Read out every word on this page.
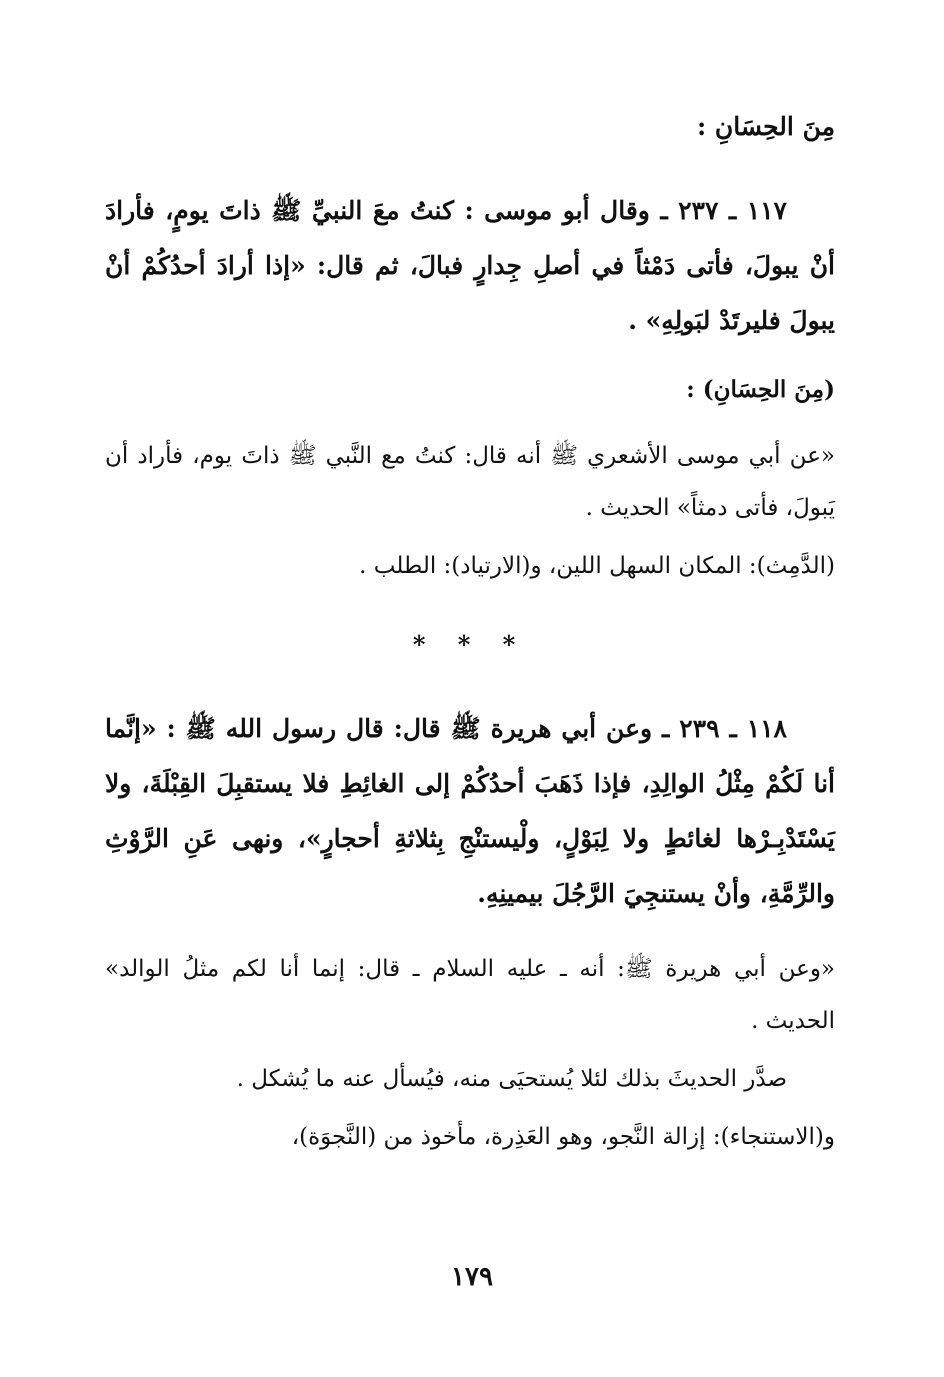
مِنَ الحِسَانِ :
١١٧ ـ ٢٣٧ ـ وقال أبو موسى : كنتُ معَ النبيِّ ﷺ ذاتَ يومٍ، فأرادَ أنْ يبولَ، فأتى دَمْثاً في أصلِ جِدارٍ فبالَ، ثم قال: «إذا أرادَ أحدُكُمْ أنْ يبولَ فليرتَدْ لبَولِهِ» .
(مِنَ الحِسَانِ) :
«عن أبي موسى الأشعري ﷺ أنه قال: كنتُ مع النَّبي ﷺ ذاتَ يوم، فأراد أن يَبولَ، فأتى دمثاً» الحديث .
(الدَّمِث): المكان السهل اللين، و(الارتياد): الطلب .
* * *
١١٨ ـ ٢٣٩ ـ وعن أبي هريرة ﷺ قال: قال رسول الله ﷺ : «إنَّما أنا لَكُمْ مِثْلُ الوالِدِ، فإذا ذَهَبَ أحدُكُمْ إلى الغائِطِ فلا يستقبِلَ القِبْلَةَ، ولا يَسْتَدْبِـرْها لغائطٍ ولا لِبَوْلٍ، ولْيستنْجِ بِثلاثةِ أحجارٍ»، ونهى عَنِ الرَّوْثِ والرِّمَّةِ، وأنْ يستنجِيَ الرَّجُلَ بيمينِهِ.
«وعن أبي هريرة ﷺ: أنه ـ عليه السلام ـ قال: إنما أنا لكم مثلُ الوالد» الحديث .
صدَّر الحديثَ بذلك لئلا يُستحيَى منه، فيُسأل عنه ما يُشكل .
و(الاستنجاء): إزالة النَّجو، وهو العَذِرة، مأخوذ من (النَّجوَة)،
١٧٩
